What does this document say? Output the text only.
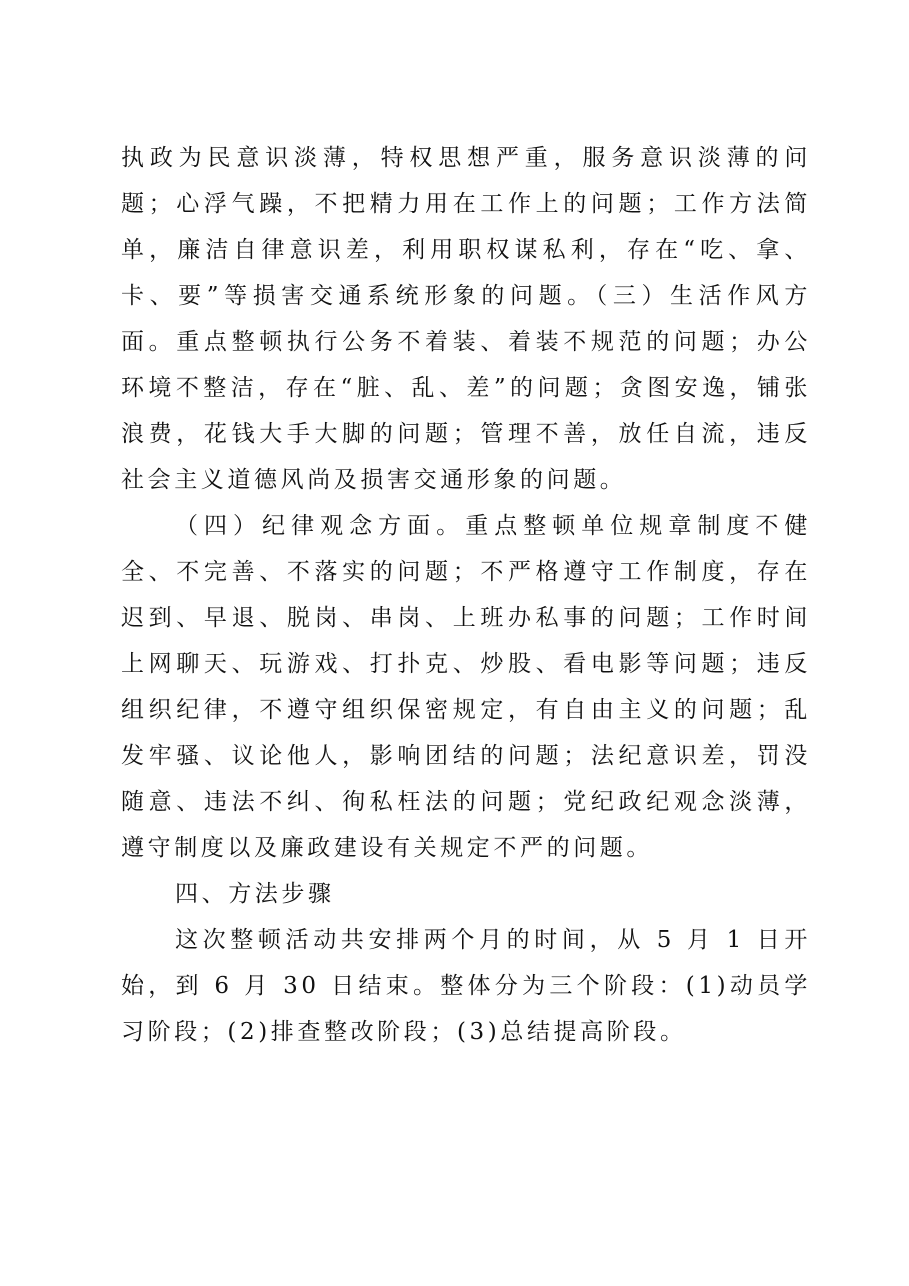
执政为民意识淡薄，特权思想严重，服务意识淡薄的问题；心浮气躁，不把精力用在工作上的问题；工作方法简单，廉洁自律意识差，利用职权谋私利，存在“吃、拿、卡、要”等损害交通系统形象的问题。（三）生活作风方面。重点整顿执行公务不着装、着装不规范的问题；办公环境不整洁，存在“脏、乱、差”的问题；贪图安逸，铺张浪费，花钱大手大脚的问题；管理不善，放任自流，违反社会主义道德风尚及损害交通形象的问题。

（四）纪律观念方面。重点整顿单位规章制度不健全、不完善、不落实的问题；不严格遵守工作制度，存在迟到、早退、脱岗、串岗、上班办私事的问题；工作时间上网聊天、玩游戏、打扑克、炒股、看电影等问题；违反组织纪律，不遵守组织保密规定，有自由主义的问题；乱发牢骚、议论他人，影响团结的问题；法纪意识差，罚没随意、违法不纠、徇私枉法的问题；党纪政纪观念淡薄，遵守制度以及廉政建设有关规定不严的问题。

四、方法步骤

这次整顿活动共安排两个月的时间，从 5 月 1 日开始，到 6 月 30 日结束。整体分为三个阶段：(1)动员学习阶段；(2)排查整改阶段；(3)总结提高阶段。
